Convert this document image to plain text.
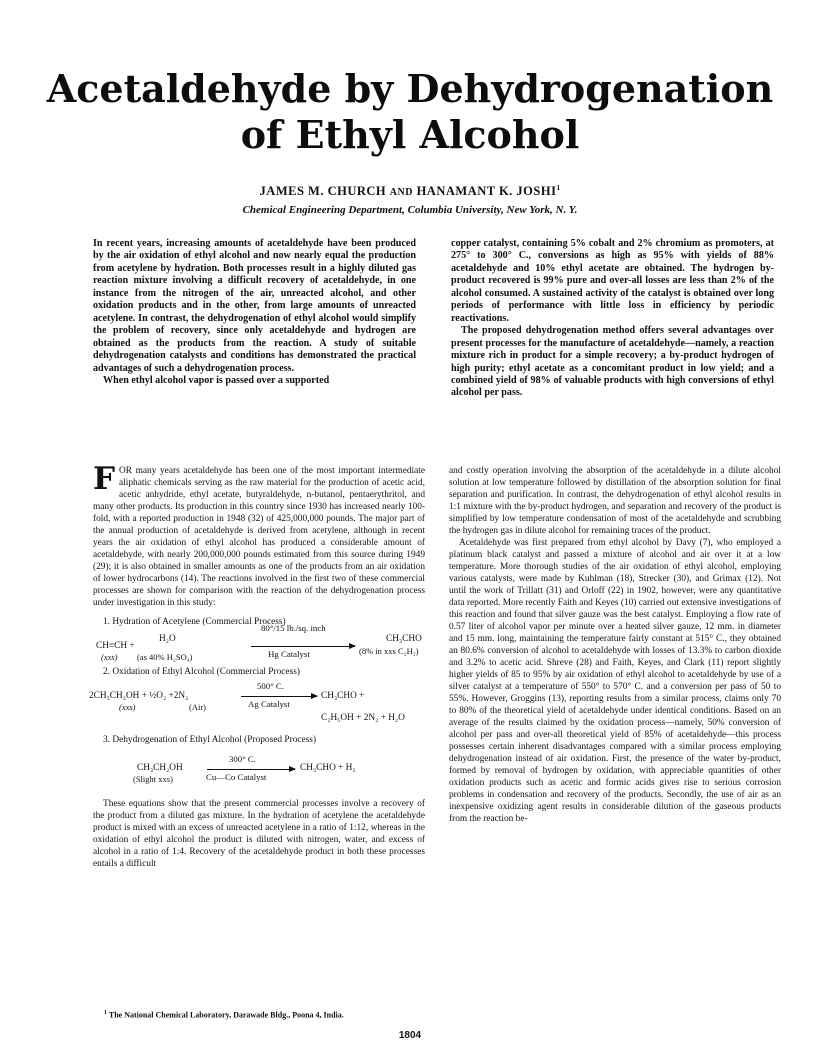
Acetaldehyde by Dehydrogenation
of Ethyl Alcohol
JAMES M. CHURCH AND HANAMANT K. JOSHI$^1$
Chemical Engineering Department, Columbia University, New York, N. Y.

In recent years, increasing amounts of acetaldehyde have been produced by the air oxidation of ethyl alcohol and now nearly equal the production from acetylene by hydration. Both processes result in a highly diluted gas reaction mixture involving a difficult recovery of acetaldehyde, in one instance from the nitrogen of the air, unreacted alcohol, and other oxidation products and in the other, from large amounts of unreacted acetylene. In contrast, the dehydrogenation of ethyl alcohol would simplify the problem of recovery, since only acetaldehyde and hydrogen are obtained as the products from the reaction. A study of suitable dehydrogenation catalysts and conditions has demonstrated the practical advantages of such a dehydrogenation process.

When ethyl alcohol vapor is passed over a supported

copper catalyst, containing 5% cobalt and 2% chromium as promoters, at 275° to 300° C., conversions as high as 95% with yields of 88% acetaldehyde and 10% ethyl acetate are obtained. The hydrogen by-product recovered is 99% pure and over-all losses are less than 2% of the alcohol consumed. A sustained activity of the catalyst is obtained over long periods of performance with little loss in efficiency by periodic reactivations.

The proposed dehydrogenation method offers several advantages over present processes for the manufacture of acetaldehyde—namely, a reaction mixture rich in product for a simple recovery; a by-product hydrogen of high purity; ethyl acetate as a concomitant product in low yield; and a combined yield of 98% of valuable products with high conversions of ethyl alcohol per pass.

FOR many years acetaldehyde has been one of the most important intermediate aliphatic chemicals serving as the raw material for the production of acetic acid, acetic anhydride, ethyl acetate, butyraldehyde, n-butanol, pentaerythritol, and many other products. Its production in this country since 1930 has increased nearly 100-fold, with a reported production in 1948 (32) of 425,000,000 pounds. The major part of the annual production of acetaldehyde is derived from acetylene, although in recent years the air oxidation of ethyl alcohol has produced a considerable amount of acetaldehyde, with nearly 200,000,000 pounds estimated from this source during 1949 (29); it is also obtained in smaller amounts as one of the products from an air oxidation of lower hydrocarbons (14). The reactions involved in the first two of these commercial processes are shown for comparison with the reaction of the dehydrogenation process under investigation in this study:

1. Hydration of Acetylene (Commercial Process)

CH≡CH +
(xxs)
H₂O
(as 40% H₂SO₄)
80°/15 lb./sq. inch
Hg Catalyst
CH₃CHO
(8% in xxs C₂H₂)

2. Oxidation of Ethyl Alcohol (Commercial Process)

2CH₃CH₂OH + ½O₂ +2N₂
(xxs)	(Air)
500° C.
Ag Catalyst
CH₃CHO +
C₂H₅OH + 2N₂ + H₂O

3. Dehydrogenation of Ethyl Alcohol (Proposed Process)

CH₃CH₂OH
(Slight xxs)
300° C.
Cu—Co Catalyst
CH₃CHO + H₂

These equations show that the present commercial processes involve a recovery of the product from a diluted gas mixture. In the hydration of acetylene the acetaldehyde product is mixed with an excess of unreacted acetylene in a ratio of 1:12, whereas in the oxidation of ethyl alcohol the product is diluted with nitrogen, water, and excess of alcohol in a ratio of 1:4. Recovery of the acetaldehyde product in both these processes entails a difficult

and costly operation involving the absorption of the acetaldehyde in a dilute alcohol solution at low temperature followed by distillation of the absorption solution for final separation and purification. In contrast, the dehydrogenation of ethyl alcohol results in 1:1 mixture with the by-product hydrogen, and separation and recovery of the product is simplified by low temperature condensation of most of the acetaldehyde and scrubbing the hydrogen gas in dilute alcohol for remaining traces of the product.

Acetaldehyde was first prepared from ethyl alcohol by Davy (7), who employed a platinum black catalyst and passed a mixture of alcohol and air over it at a low temperature. More thorough studies of the air oxidation of ethyl alcohol, employing various catalysts, were made by Kuhlman (18), Strecker (30), and Grimax (12). Not until the work of Trillatt (31) and Orloff (22) in 1902, however, were any quantitative data reported. More recently Faith and Keyes (10) carried out extensive investigations of this reaction and found that silver gauze was the best catalyst. Employing a flow rate of 0.57 liter of alcohol vapor per minute over a heated silver gauze, 12 mm. in diameter and 15 mm. long, maintaining the temperature fairly constant at 515° C., they obtained an 80.6% conversion of alcohol to acetaldehyde with losses of 13.3% to carbon dioxide and 3.2% to acetic acid. Shreve (28) and Faith, Keyes, and Clark (11) report slightly higher yields of 85 to 95% by air oxidation of ethyl alcohol to acetaldehyde by use of a silver catalyst at a temperature of 550° to 570° C. and a conversion per pass of 50 to 55%. However, Groggins (13), reporting results from a similar process, claims only 70 to 80% of the theoretical yield of acetaldehyde under identical conditions. Based on an average of the results claimed by the oxidation process—namely, 50% conversion of alcohol per pass and over-all theoretical yield of 85% of acetaldehyde—this process possesses certain inherent disadvantages compared with a similar process employing dehydrogenation instead of air oxidation. First, the presence of the water by-product, formed by removal of hydrogen by oxidation, with appreciable quantities of other oxidation products such as acetic and formic acids gives rise to serious corrosion problems in condensation and recovery of the products. Secondly, the use of air as an inexpensive oxidizing agent results in considerable dilution of the gaseous products from the reaction be-

$^1$ The National Chemical Laboratory, Darawade Bldg., Poona 4, India.
1804
